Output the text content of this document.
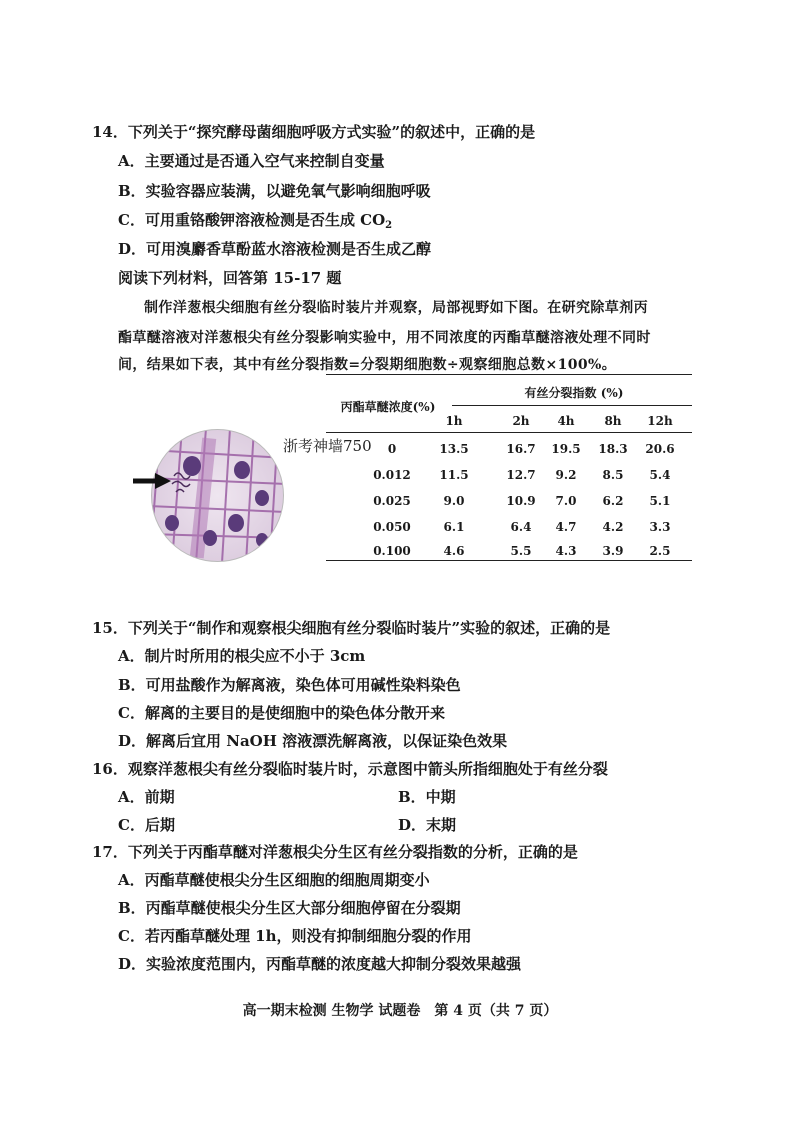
14．下列关于“探究酵母菌细胞呼吸方式实验”的叙述中，正确的是
A．主要通过是否通入空气来控制自变量
B．实验容器应装满，以避免氧气影响细胞呼吸
C．可用重铬酸钾溶液检测是否生成 $CO_2$
D．可用溴麝香草酚蓝水溶液检测是否生成乙醇
阅读下列材料，回答第 15-17 题
制作洋葱根尖细胞有丝分裂临时装片并观察，局部视野如下图。在研究除草剂丙
酯草醚溶液对洋葱根尖有丝分裂影响实验中，用不同浓度的丙酯草醚溶液处理不同时
间，结果如下表，其中有丝分裂指数=分裂期细胞数÷观察细胞总数×100%。
浙考神墙750
丙酯草醚浓度(%)
有丝分裂指数 (%)
1h	2h	4h	8h	12h
0	13.5	16.7	19.5	18.3	20.6
0.012	11.5	12.7	9.2	8.5	5.4
0.025	9.0	10.9	7.0	6.2	5.1
0.050	6.1	6.4	4.7	4.2	3.3
0.100	4.6	5.5	4.3	3.9	2.5
15．下列关于“制作和观察根尖细胞有丝分裂临时装片”实验的叙述，正确的是
A．制片时所用的根尖应不小于 3cm
B．可用盐酸作为解离液，染色体可用碱性染料染色
C．解离的主要目的是使细胞中的染色体分散开来
D．解离后宜用 NaOH 溶液漂洗解离液，以保证染色效果
16．观察洋葱根尖有丝分裂临时装片时，示意图中箭头所指细胞处于有丝分裂
A．前期	B．中期
C．后期	D．末期
17．下列关于丙酯草醚对洋葱根尖分生区有丝分裂指数的分析，正确的是
A．丙酯草醚使根尖分生区细胞的细胞周期变小
B．丙酯草醚使根尖分生区大部分细胞停留在分裂期
C．若丙酯草醚处理 1h，则没有抑制细胞分裂的作用
D．实验浓度范围内，丙酯草醚的浓度越大抑制分裂效果越强
高一期末检测 生物学 试题卷　第 4 页（共 7 页）
